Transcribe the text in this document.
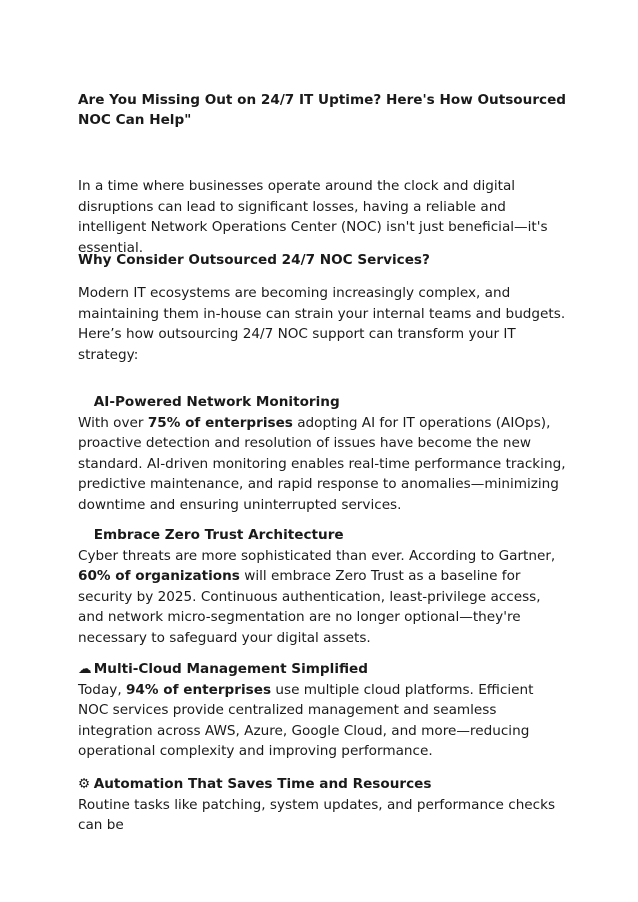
Are You Missing Out on 24/7 IT Uptime? Here's How Outsourced NOC Can Help"

In a time where businesses operate around the clock and digital disruptions can lead to significant losses, having a reliable and intelligent Network Operations Center (NOC) isn't just beneficial—it's essential.

Why Consider Outsourced 24/7 NOC Services?

Modern IT ecosystems are becoming increasingly complex, and maintaining them in-house can strain your internal teams and budgets. Here’s how outsourcing 24/7 NOC support can transform your IT strategy:

AI-Powered Network Monitoring

With over 75% of enterprises adopting AI for IT operations (AIOps), proactive detection and resolution of issues have become the new standard. AI-driven monitoring enables real-time performance tracking, predictive maintenance, and rapid response to anomalies—minimizing downtime and ensuring uninterrupted services.

Embrace Zero Trust Architecture

Cyber threats are more sophisticated than ever. According to Gartner, 60% of organizations will embrace Zero Trust as a baseline for security by 2025. Continuous authentication, least-privilege access, and network micro-segmentation are no longer optional—they're necessary to safeguard your digital assets.

☁ Multi-Cloud Management Simplified

Today, 94% of enterprises use multiple cloud platforms. Efficient NOC services provide centralized management and seamless integration across AWS, Azure, Google Cloud, and more—reducing operational complexity and improving performance.

⚙ Automation That Saves Time and Resources

Routine tasks like patching, system updates, and performance checks can be
